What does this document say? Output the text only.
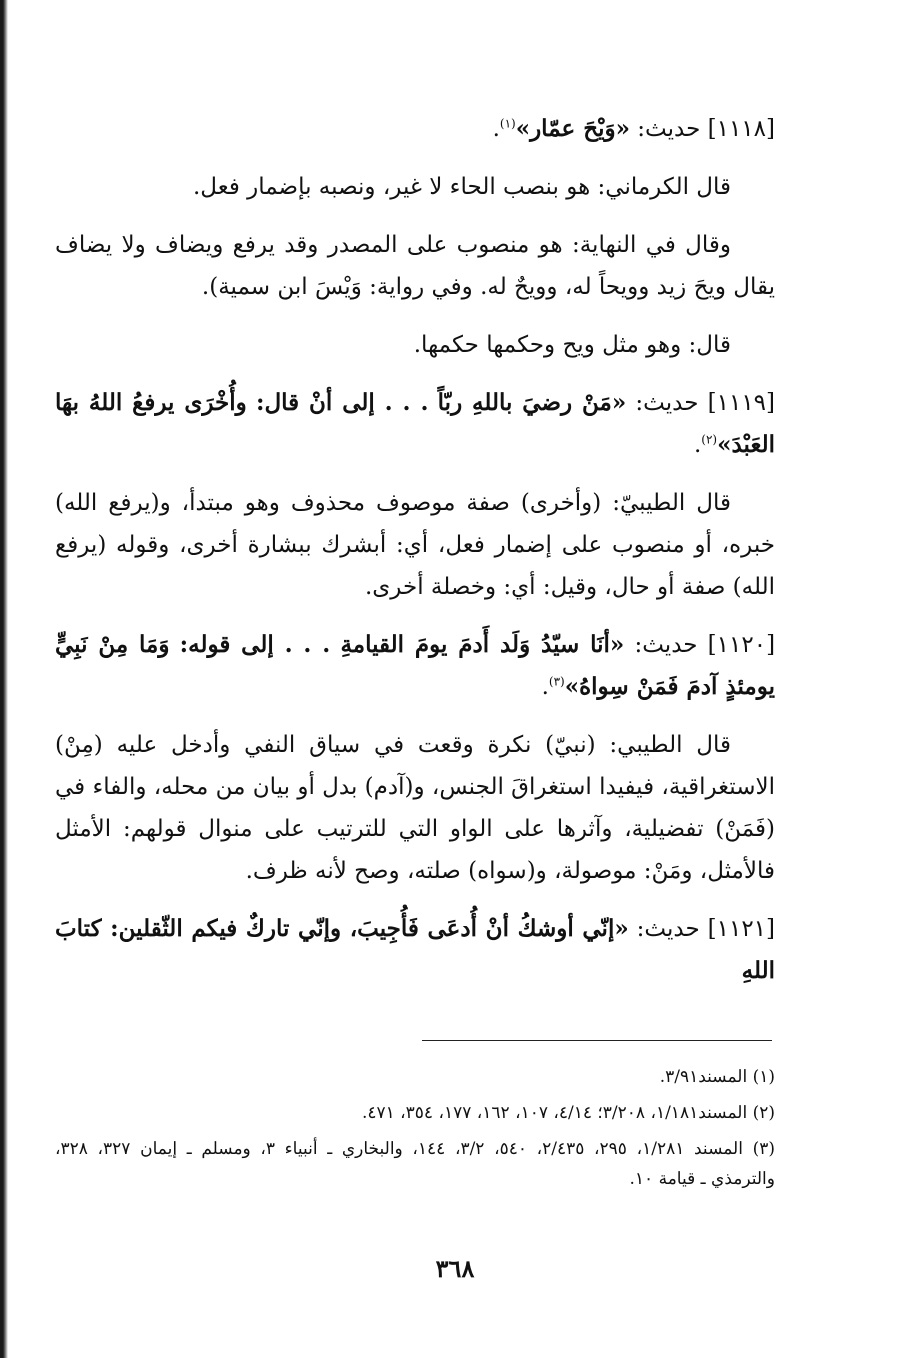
[١١١٨] حديث: «وَيْحَ عمّار»$^{(١)}$.

قال الكرماني: هو بنصب الحاء لا غير، ونصبه بإضمار فعل.

وقال في النهاية: هو منصوب على المصدر وقد يرفع ويضاف ولا يضاف يقال ويحَ زيد وويحاً له، وويحٌ له. وفي رواية: وَيْسَ ابن سمية).

قال: وهو مثل ويح وحكمها حكمها.

[١١١٩] حديث: «مَنْ رضيَ باللهِ ربّاً . . . إلى أنْ قال: وأُخْرَى يرفعُ اللهُ بهَا العَبْدَ»$^{(٢)}$.

قال الطيبيّ: (وأخرى) صفة موصوف محذوف وهو مبتدأ، و(يرفع الله) خبره، أو منصوب على إضمار فعل، أي: أبشرك ببشارة أخرى، وقوله (يرفع الله) صفة أو حال، وقيل: أي: وخصلة أخرى.

[١١٢٠] حديث: «أنَا سيّدُ وَلَد أَدمَ يومَ القيامةِ . . . إلى قوله: وَمَا مِنْ نَبِيٍّ يومئذٍ آدمَ فَمَنْ سِواهُ»$^{(٣)}$.

قال الطيبي: (نبيّ) نكرة وقعت في سياق النفي وأدخل عليه (مِنْ) الاستغراقية، فيفيدا استغراقَ الجنس، و(آدم) بدل أو بيان من محله، والفاء في (فَمَنْ) تفضيلية، وآثرها على الواو التي للترتيب على منوال قولهم: الأمثل فالأمثل، ومَنْ: موصولة، و(سواه) صلته، وصح لأنه ظرف.

[١١٢١] حديث: «إنّي أوشكُ أنْ أُدعَى فَأُجِيبَ، وإنّي تاركٌ فيكم الثّقلين: كتابَ اللهِ

(١) المسند٣/٩١.

(٢) المسند١/١٨١، ٣/٢٠٨؛ ٤/١٤، ١٠٧، ١٦٢، ١٧٧، ٣٥٤، ٤٧١.

(٣) المسند ١/٢٨١، ٢٩٥، ٢/٤٣٥، ٥٤٠، ٣/٢، ١٤٤، والبخاري ـ أنبياء ٣، ومسلم ـ إيمان ٣٢٧، ٣٢٨، والترمذي ـ قيامة ١٠.

٣٦٨
